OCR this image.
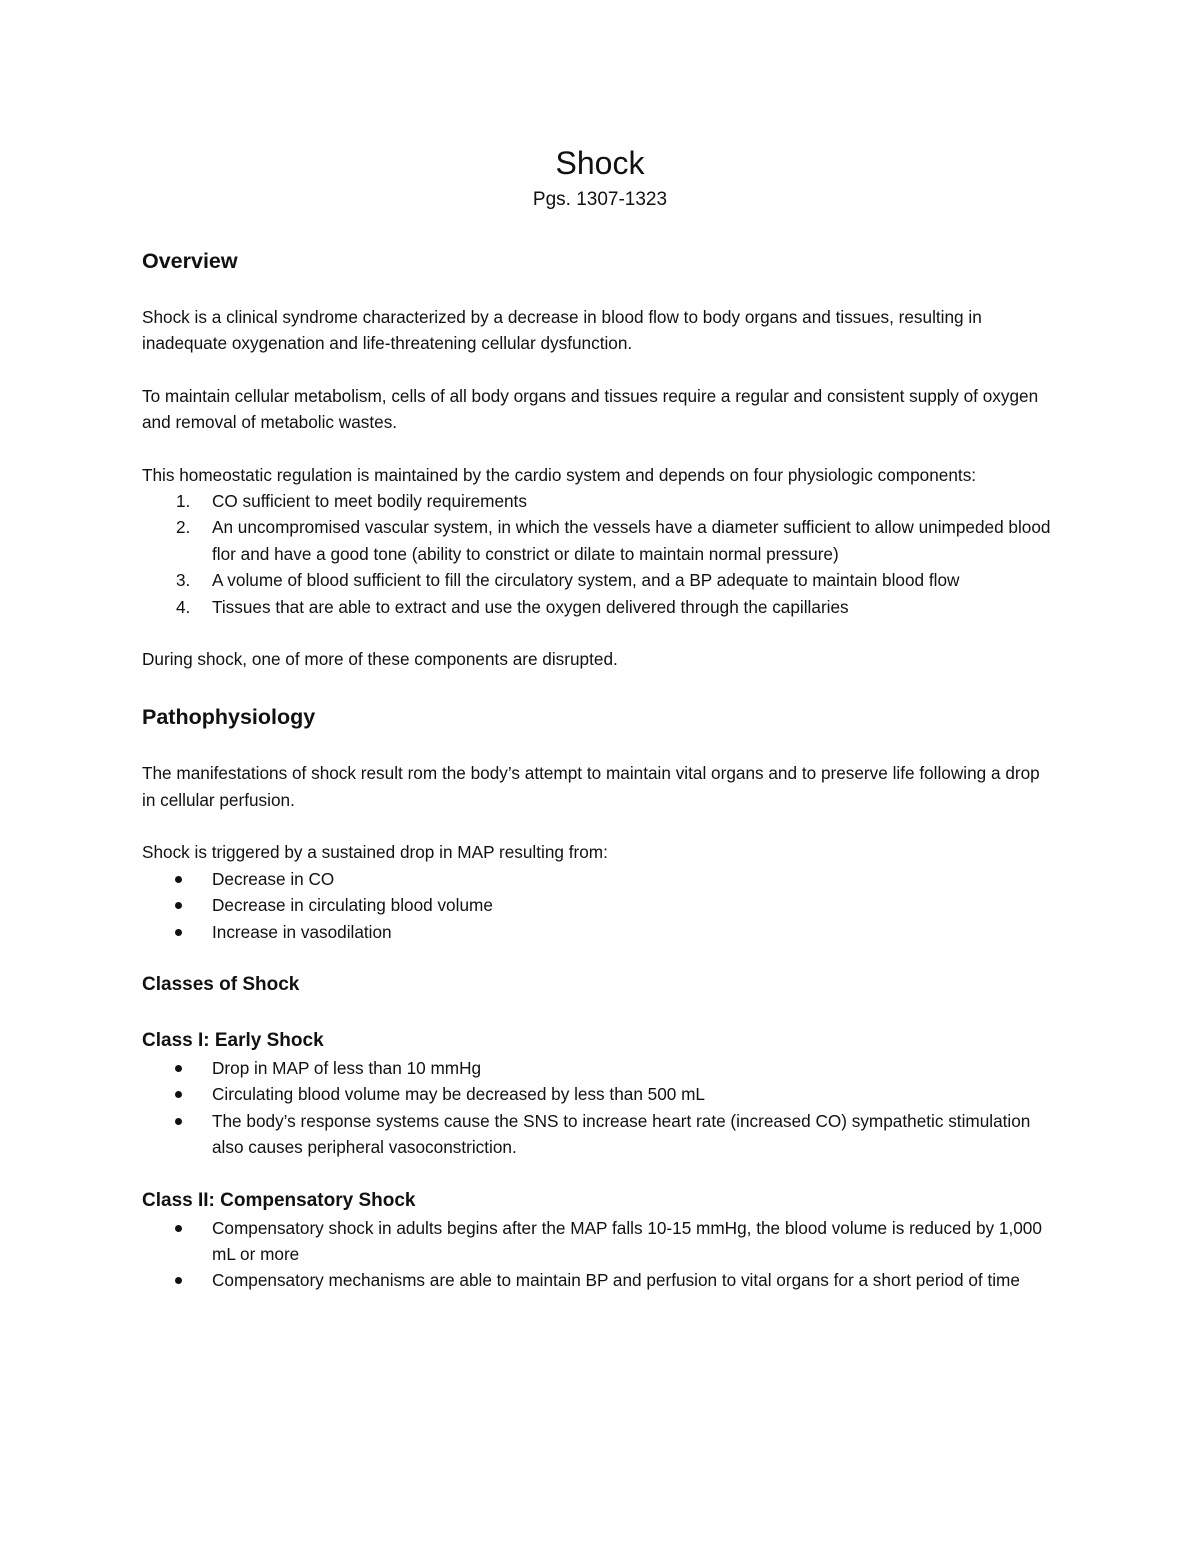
Shock
Pgs. 1307-1323
Overview

Shock is a clinical syndrome characterized by a decrease in blood flow to body organs and tissues, resulting in inadequate oxygenation and life-threatening cellular dysfunction.

To maintain cellular metabolism, cells of all body organs and tissues require a regular and consistent supply of oxygen and removal of metabolic wastes.

This homeostatic regulation is maintained by the cardio system and depends on four physiologic components:

1. CO sufficient to meet bodily requirements
2. An uncompromised vascular system, in which the vessels have a diameter sufficient to allow unimpeded blood flor and have a good tone (ability to constrict or dilate to maintain normal pressure)
3. A volume of blood sufficient to fill the circulatory system, and a BP adequate to maintain blood flow
4. Tissues that are able to extract and use the oxygen delivered through the capillaries

During shock, one of more of these components are disrupted.

Pathophysiology

The manifestations of shock result rom the body’s attempt to maintain vital organs and to preserve life following a drop in cellular perfusion.

Shock is triggered by a sustained drop in MAP resulting from:

Decrease in CO
Decrease in circulating blood volume
Increase in vasodilation
Classes of Shock
Class I: Early Shock
Drop in MAP of less than 10 mmHg
Circulating blood volume may be decreased by less than 500 mL
The body’s response systems cause the SNS to increase heart rate (increased CO) sympathetic stimulation also causes peripheral vasoconstriction.
Class II: Compensatory Shock
Compensatory shock in adults begins after the MAP falls 10-15 mmHg, the blood volume is reduced by 1,000 mL or more
Compensatory mechanisms are able to maintain BP and perfusion to vital organs for a short period of time
